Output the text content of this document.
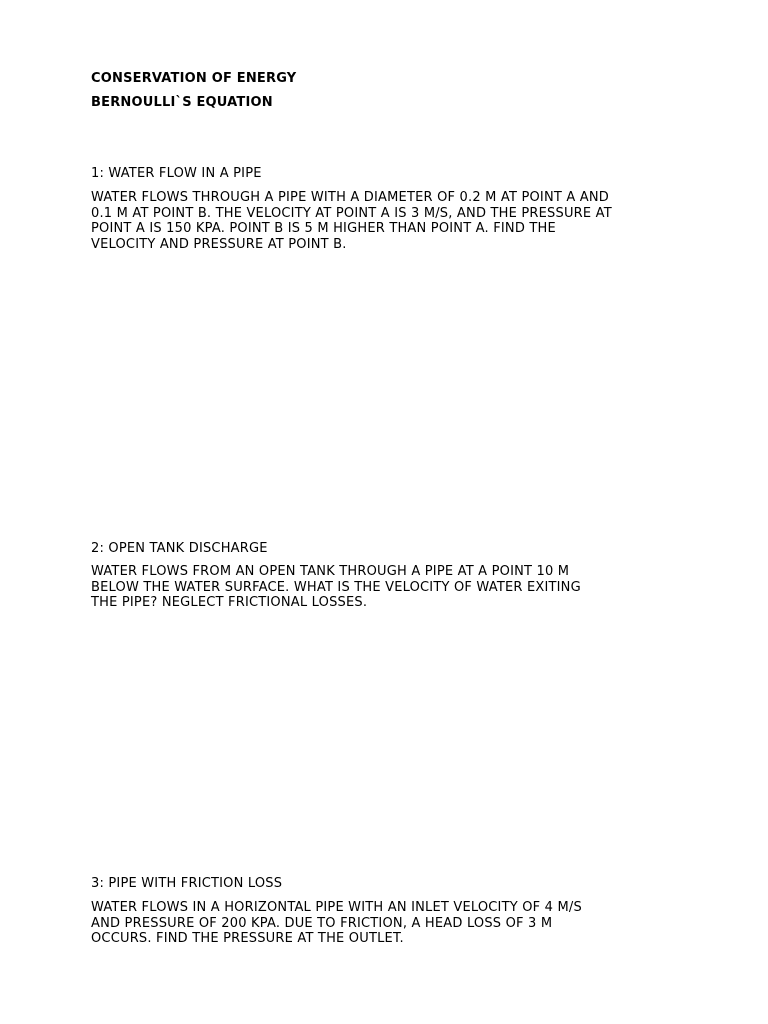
CONSERVATION OF ENERGY
BERNOULLI`S EQUATION
1: WATER FLOW IN A PIPE
WATER FLOWS THROUGH A PIPE WITH A DIAMETER OF 0.2 M AT POINT A AND
0.1 M AT POINT B. THE VELOCITY AT POINT A IS 3 M/S, AND THE PRESSURE AT
POINT A IS 150 KPA. POINT B IS 5 M HIGHER THAN POINT A. FIND THE
VELOCITY AND PRESSURE AT POINT B.
2: OPEN TANK DISCHARGE
WATER FLOWS FROM AN OPEN TANK THROUGH A PIPE AT A POINT 10 M
BELOW THE WATER SURFACE. WHAT IS THE VELOCITY OF WATER EXITING
THE PIPE? NEGLECT FRICTIONAL LOSSES.
3: PIPE WITH FRICTION LOSS
WATER FLOWS IN A HORIZONTAL PIPE WITH AN INLET VELOCITY OF 4 M/S
AND PRESSURE OF 200 KPA. DUE TO FRICTION, A HEAD LOSS OF 3 M
OCCURS. FIND THE PRESSURE AT THE OUTLET.
